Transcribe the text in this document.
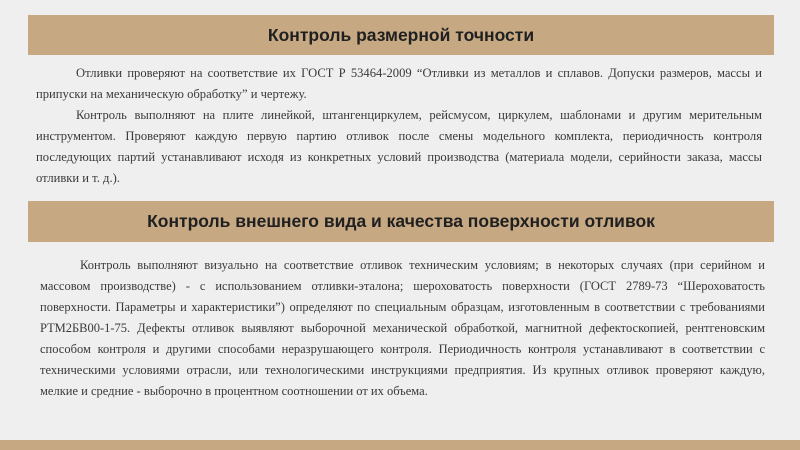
Контроль размерной точности

Отливки проверяют на соответствие их ГОСТ Р 53464-2009 “Отливки из металлов и сплавов. Допуски размеров, массы и припуски на механическую обработку” и чертежу.

Контроль выполняют на плите линейкой, штангенциркулем, рейсмусом, циркулем, шаблонами и другим мерительным инструментом. Проверяют каждую первую партию отливок после смены модельного комплекта, периодичность контроля последующих партий устанавливают исходя из конкретных условий производства (материала модели, серийности заказа, массы отливки и т. д.).

Контроль внешнего вида и качества поверхности отливок

Контроль выполняют визуально на соответствие отливок техническим условиям; в некоторых случаях (при серийном и массовом производстве) - с использованием отливки-эталона; шероховатость поверхности (ГОСТ 2789-73 “Шероховатость поверхности. Параметры и характеристики”) определяют по специальным образцам, изготовленным в соответствии с требованиями РТМ2БВ00-1-75. Дефекты отливок выявляют выборочной механической обработкой, магнитной дефектоскопией, рентгеновским способом контроля и другими способами неразрушающего контроля. Периодичность контроля устанавливают в соответствии с техническими условиями отрасли, или технологическими инструкциями предприятия. Из крупных отливок проверяют каждую, мелкие и средние - выборочно в процентном соотношении от их объема.
